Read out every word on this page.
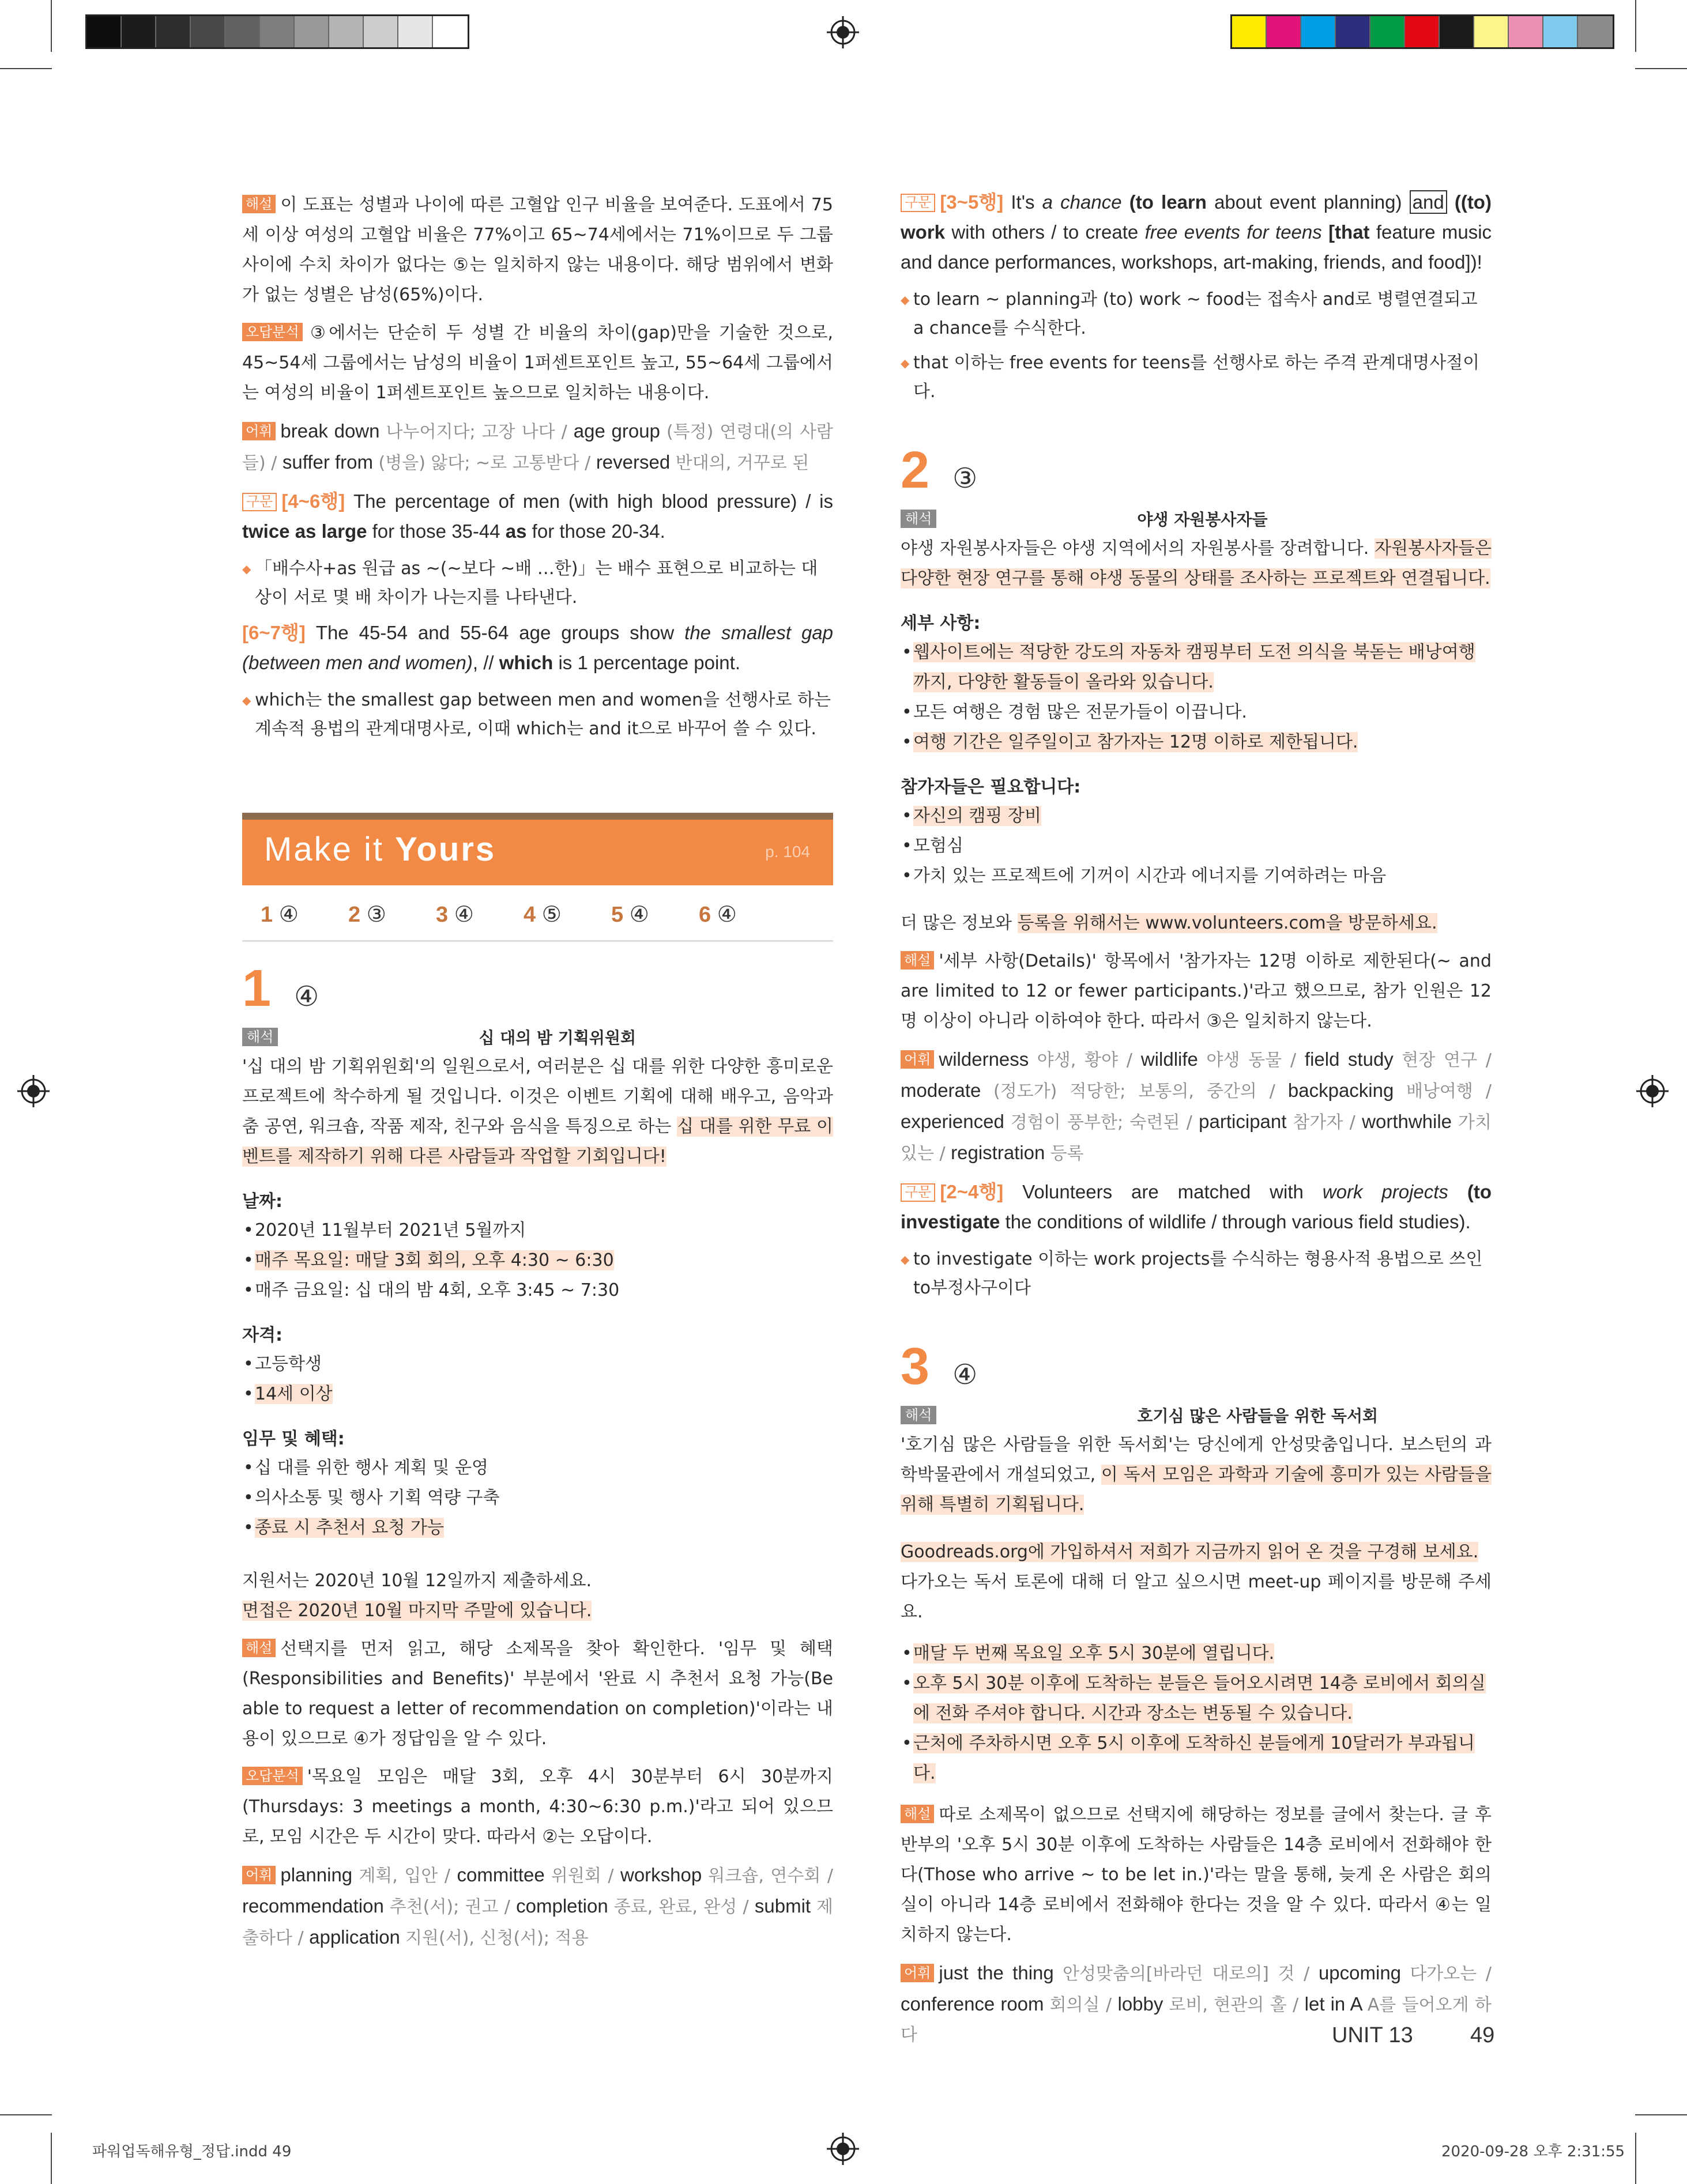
해설 이 도표는 성별과 나이에 따른 고혈압 인구 비율을 보여준다. 도표에서 75세 이상 여성의 고혈압 비율은 77%이고 65~74세에서는 71%이므로 두 그룹 사이에 수치 차이가 없다는 ⑤는 일치하지 않는 내용이다. 해당 범위에서 변화가 없는 성별은 남성(65%)이다.

오답분석 ③에서는 단순히 두 성별 간 비율의 차이(gap)만을 기술한 것으로, 45~54세 그룹에서는 남성의 비율이 1퍼센트포인트 높고, 55~64세 그룹에서는 여성의 비율이 1퍼센트포인트 높으므로 일치하는 내용이다.

어휘 break down 나누어지다; 고장 나다 / age group (특정) 연령대(의 사람들) / suffer from (병을) 앓다; ~로 고통받다 / reversed 반대의, 거꾸로 된

구문 [4~6행] The percentage of men (with high blood pressure) / is twice as large for those 35-44 as for those 20-34.

◆ 「배수사+as 원급 as ~(~보다 ~배 …한)」는 배수 표현으로 비교하는 대상이 서로 몇 배 차이가 나는지를 나타낸다.

[6~7행] The 45-54 and 55-64 age groups show the smallest gap (between men and women), // which is 1 percentage point.

◆ which는 the smallest gap between men and women을 선행사로 하는 계속적 용법의 관계대명사로, 이때 which는 and it으로 바꾸어 쓸 수 있다.

Make it Yours	p. 104
1 ④	2 ③	3 ④	4 ⑤	5 ④	6 ④
1 ④
해석	십 대의 밤 기획위원회

'십 대의 밤 기획위원회'의 일원으로서, 여러분은 십 대를 위한 다양한 흥미로운 프로젝트에 착수하게 될 것입니다. 이것은 이벤트 기획에 대해 배우고, 음악과 춤 공연, 워크숍, 작품 제작, 친구와 음식을 특징으로 하는 십 대를 위한 무료 이벤트를 제작하기 위해 다른 사람들과 작업할 기회입니다!

날짜:
• 2020년 11월부터 2021년 5월까지
• 매주 목요일: 매달 3회 회의, 오후 4:30 ~ 6:30
• 매주 금요일: 십 대의 밤 4회, 오후 3:45 ~ 7:30
자격:
• 고등학생
• 14세 이상
임무 및 혜택:
• 십 대를 위한 행사 계획 및 운영
• 의사소통 및 행사 기획 역량 구축
• 종료 시 추천서 요청 가능

지원서는 2020년 10월 12일까지 제출하세요.

면접은 2020년 10월 마지막 주말에 있습니다.

해설 선택지를 먼저 읽고, 해당 소제목을 찾아 확인한다. '임무 및 혜택(Responsibilities and Benefits)' 부분에서 '완료 시 추천서 요청 가능(Be able to request a letter of recommendation on completion)'이라는 내용이 있으므로 ④가 정답임을 알 수 있다.

오답분석 '목요일 모임은 매달 3회, 오후 4시 30분부터 6시 30분까지(Thursdays: 3 meetings a month, 4:30~6:30 p.m.)'라고 되어 있으므로, 모임 시간은 두 시간이 맞다. 따라서 ②는 오답이다.

어휘 planning 계획, 입안 / committee 위원회 / workshop 워크숍, 연수회 / recommendation 추천(서); 권고 / completion 종료, 완료, 완성 / submit 제출하다 / application 지원(서), 신청(서); 적용

구문 [3~5행] It's a chance (to learn about event planning) and ((to) work with others / to create free events for teens [that feature music and dance performances, workshops, art-making, friends, and food])!

◆ to learn ~ planning과 (to) work ~ food는 접속사 and로 병렬연결되고 a chance를 수식한다.

◆ that 이하는 free events for teens를 선행사로 하는 주격 관계대명사절이다.

2 ③
해석	야생 자원봉사자들

야생 자원봉사자들은 야생 지역에서의 자원봉사를 장려합니다. 자원봉사자들은 다양한 현장 연구를 통해 야생 동물의 상태를 조사하는 프로젝트와 연결됩니다.

세부 사항:
• 웹사이트에는 적당한 강도의 자동차 캠핑부터 도전 의식을 북돋는 배낭여행까지, 다양한 활동들이 올라와 있습니다.
• 모든 여행은 경험 많은 전문가들이 이끕니다.
• 여행 기간은 일주일이고 참가자는 12명 이하로 제한됩니다.
참가자들은 필요합니다:
• 자신의 캠핑 장비
• 모험심
• 가치 있는 프로젝트에 기꺼이 시간과 에너지를 기여하려는 마음

더 많은 정보와 등록을 위해서는 www.volunteers.com을 방문하세요.

해설 '세부 사항(Details)' 항목에서 '참가자는 12명 이하로 제한된다(~ and are limited to 12 or fewer participants.)'라고 했으므로, 참가 인원은 12명 이상이 아니라 이하여야 한다. 따라서 ③은 일치하지 않는다.

어휘 wilderness 야생, 황야 / wildlife 야생 동물 / field study 현장 연구 / moderate (정도가) 적당한; 보통의, 중간의 / backpacking 배낭여행 / experienced 경험이 풍부한; 숙련된 / participant 참가자 / worthwhile 가치 있는 / registration 등록

구문 [2~4행] Volunteers are matched with work projects (to investigate the conditions of wildlife / through various field studies).

◆ to investigate 이하는 work projects를 수식하는 형용사적 용법으로 쓰인 to부정사구이다

3 ④
해석	호기심 많은 사람들을 위한 독서회

'호기심 많은 사람들을 위한 독서회'는 당신에게 안성맞춤입니다. 보스턴의 과학박물관에서 개설되었고, 이 독서 모임은 과학과 기술에 흥미가 있는 사람들을 위해 특별히 기획됩니다.

Goodreads.org에 가입하셔서 저희가 지금까지 읽어 온 것을 구경해 보세요.

다가오는 독서 토론에 대해 더 알고 싶으시면 meet-up 페이지를 방문해 주세요.

• 매달 두 번째 목요일 오후 5시 30분에 열립니다.
• 오후 5시 30분 이후에 도착하는 분들은 들어오시려면 14층 로비에서 회의실에 전화 주셔야 합니다. 시간과 장소는 변동될 수 있습니다.
• 근처에 주차하시면 오후 5시 이후에 도착하신 분들에게 10달러가 부과됩니다.

해설 따로 소제목이 없으므로 선택지에 해당하는 정보를 글에서 찾는다. 글 후반부의 '오후 5시 30분 이후에 도착하는 사람들은 14층 로비에서 전화해야 한다(Those who arrive ~ to be let in.)'라는 말을 통해, 늦게 온 사람은 회의실이 아니라 14층 로비에서 전화해야 한다는 것을 알 수 있다. 따라서 ④는 일치하지 않는다.

어휘 just the thing 안성맞춤의[바라던 대로의] 것 / upcoming 다가오는 / conference room 회의실 / lobby 로비, 현관의 홀 / let in A A를 들어오게 하다	UNIT 13	49
파워업독해유형_정답.indd 49	2020-09-28 오후 2:31:55
